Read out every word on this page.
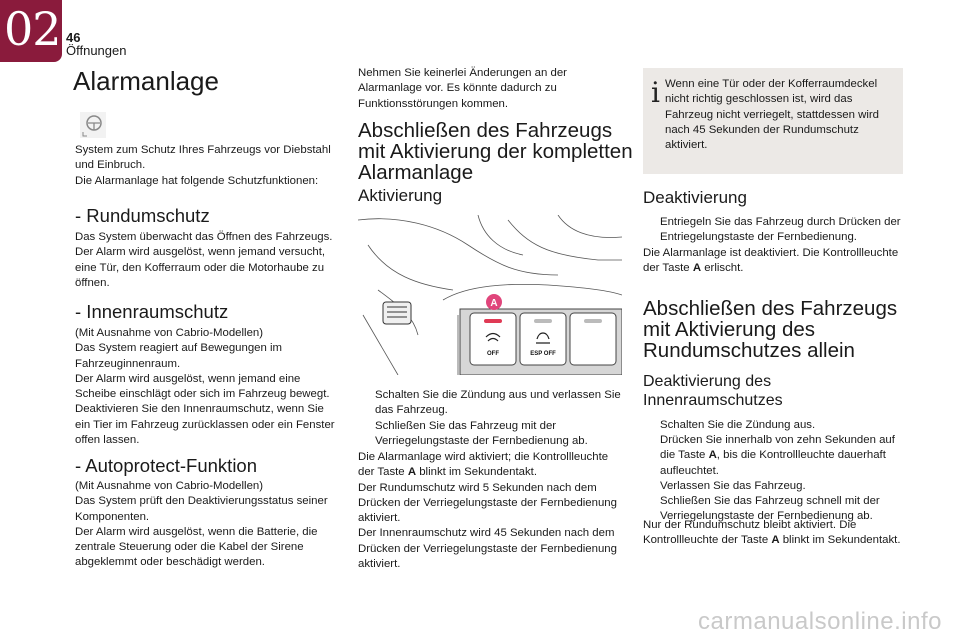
02 46
Öffnungen
Alarmanlage
System zum Schutz Ihres Fahrzeugs vor Diebstahl
und Einbruch.
Die Alarmanlage hat folgende Schutzfunktionen:
- Rundumschutz
Das System überwacht das Öffnen des Fahrzeugs.
Der Alarm wird ausgelöst, wenn jemand versucht,
eine Tür, den Kofferraum oder die Motorhaube zu
öffnen.
- Innenraumschutz
(Mit Ausnahme von Cabrio-Modellen)
Das System reagiert auf Bewegungen im
Fahrzeuginnenraum.
Der Alarm wird ausgelöst, wenn jemand eine
Scheibe einschlägt oder sich im Fahrzeug bewegt.
Deaktivieren Sie den Innenraumschutz, wenn Sie
ein Tier im Fahrzeug zurücklassen oder ein Fenster
offen lassen.
- Autoprotect-Funktion
(Mit Ausnahme von Cabrio-Modellen)
Das System prüft den Deaktivierungsstatus seiner
Komponenten.
Der Alarm wird ausgelöst, wenn die Batterie, die
zentrale Steuerung oder die Kabel der Sirene
abgeklemmt oder beschädigt werden.
Nehmen Sie keinerlei Änderungen an der
Alarmanlage vor. Es könnte dadurch zu
Funktionsstörungen kommen.
Abschließen des Fahrzeugs
mit Aktivierung der kompletten
Alarmanlage
Aktivierung
OFF	ESP OFF
A
Schalten Sie die Zündung aus und verlassen Sie
das Fahrzeug.
Schließen Sie das Fahrzeug mit der
Verriegelungstaste der Fernbedienung ab.
Die Alarmanlage wird aktiviert; die Kontrollleuchte
der Taste A blinkt im Sekundentakt.
Der Rundumschutz wird 5 Sekunden nach dem
Drücken der Verriegelungstaste der Fernbedienung
aktiviert.
Der Innenraumschutz wird 45 Sekunden nach dem
Drücken der Verriegelungstaste der Fernbedienung
aktiviert.
i Wenn eine Tür oder der Kofferraumdeckel
nicht richtig geschlossen ist, wird das
Fahrzeug nicht verriegelt, stattdessen wird
nach 45 Sekunden der Rundumschutz
aktiviert.
Deaktivierung
Entriegeln Sie das Fahrzeug durch Drücken der
Entriegelungstaste der Fernbedienung.
Die Alarmanlage ist deaktiviert. Die Kontrollleuchte
der Taste A erlischt.
Abschließen des Fahrzeugs
mit Aktivierung des
Rundumschutzes allein
Deaktivierung des
Innenraumschutzes
Schalten Sie die Zündung aus.
Drücken Sie innerhalb von zehn Sekunden auf
die Taste A, bis die Kontrollleuchte dauerhaft
aufleuchtet.
Verlassen Sie das Fahrzeug.
Schließen Sie das Fahrzeug schnell mit der
Verriegelungstaste der Fernbedienung ab.
Nur der Rundumschutz bleibt aktiviert. Die
Kontrollleuchte der Taste A blinkt im Sekundentakt.
carmanualsonline.info
